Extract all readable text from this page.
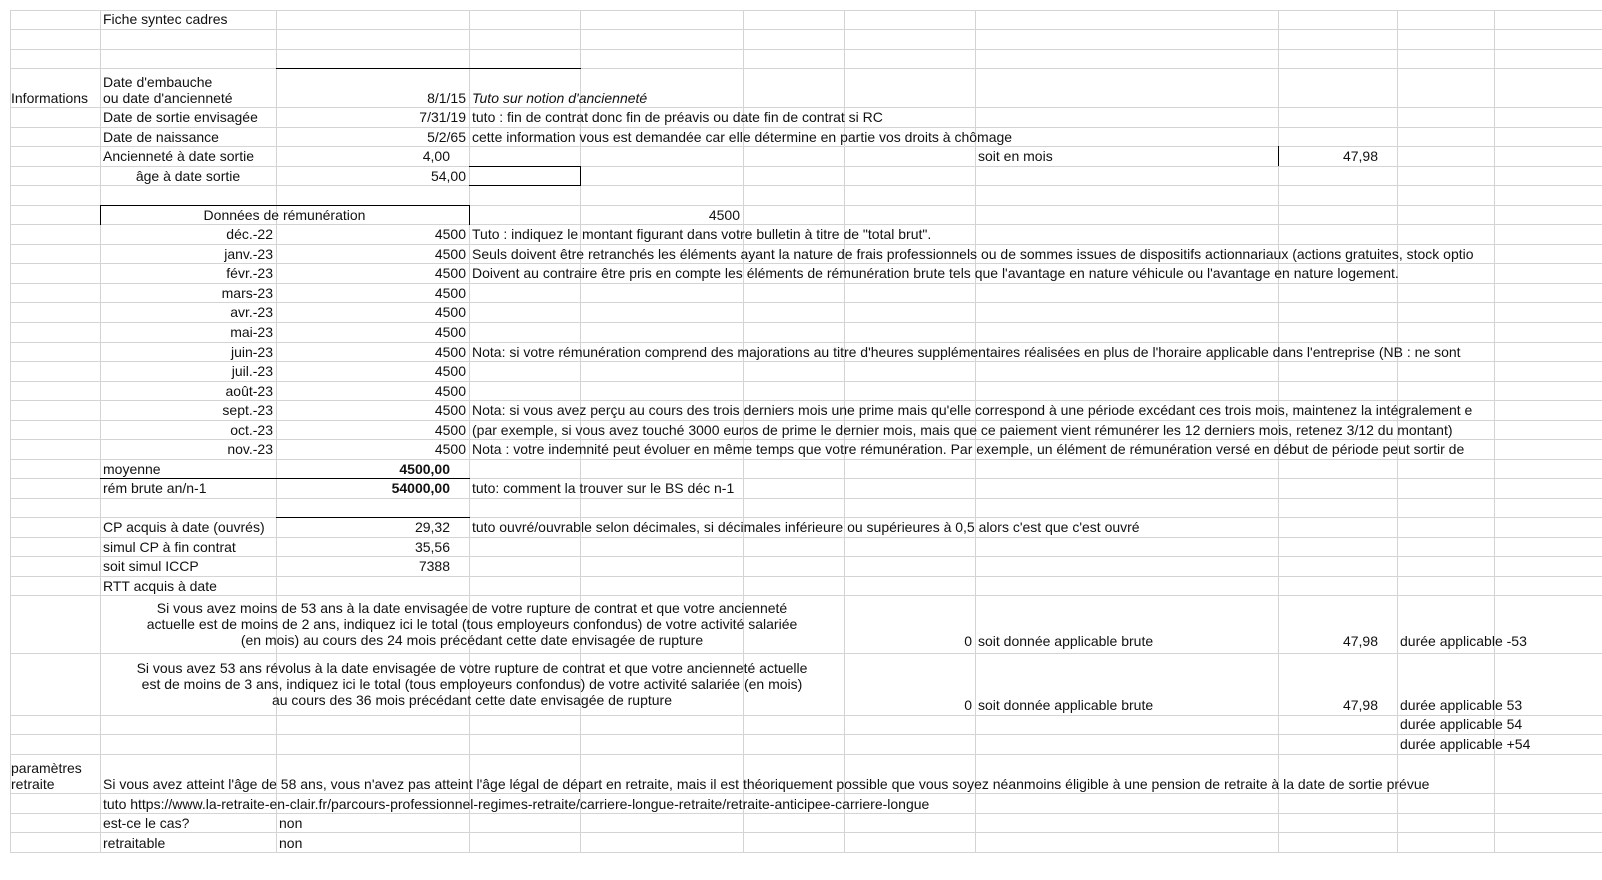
Fiche syntec cadres
Informations
Date d'embauche
ou date d'ancienneté	8/1/15 Tuto sur notion d'ancienneté
Date de sortie envisagée	7/31/19 tuto : fin de contrat donc fin de préavis ou date fin de contrat si RC
Date de naissance	5/2/65 cette information vous est demandée car elle détermine en partie vos droits à chômage
Ancienneté à date sortie	4,00	soit en mois	47,98
âge à date sortie	54,00
Données de rémunération	4500
déc.-22	4500 Tuto : indiquez le montant figurant dans votre bulletin à titre de "total brut".
janv.-23	4500 Seuls doivent être retranchés les éléments ayant la nature de frais professionnels ou de sommes issues de dispositifs actionnariaux (actions gratuites, stock optio
févr.-23	4500 Doivent au contraire être pris en compte les éléments de rémunération brute tels que l'avantage en nature véhicule ou l'avantage en nature logement.
mars-23	4500
avr.-23	4500
mai-23	4500
juin-23	4500 Nota: si votre rémunération comprend des majorations au titre d'heures supplémentaires réalisées en plus de l'horaire applicable dans l'entreprise (NB : ne sont
juil.-23	4500
août-23	4500
sept.-23	4500 Nota: si vous avez perçu au cours des trois derniers mois une prime mais qu'elle correspond à une période excédant ces trois mois, maintenez la intégralement e
oct.-23	4500 (par exemple, si vous avez touché 3000 euros de prime le dernier mois, mais que ce paiement vient rémunérer les 12 derniers mois, retenez 3/12 du montant)
nov.-23	4500 Nota : votre indemnité peut évoluer en même temps que votre rémunération. Par exemple, un élément de rémunération versé en début de période peut sortir de
moyenne	4500,00
rém brute an/n-1	54000,00 tuto: comment la trouver sur le BS déc n-1
CP acquis à date (ouvrés)	29,32 tuto ouvré/ouvrable selon décimales, si décimales inférieure ou supérieures à 0,5 alors c'est que c'est ouvré
simul CP à fin contrat	35,56
soit simul ICCP	7388
RTT acquis à date
Si vous avez moins de 53 ans à la date envisagée de votre rupture de contrat et que votre ancienneté
actuelle est de moins de 2 ans, indiquez ici le total (tous employeurs confondus) de votre activité salariée
(en mois) au cours des 24 mois précédant cette date envisagée de rupture	0 soit donnée applicable brute	47,98 durée applicable -53
Si vous avez 53 ans révolus à la date envisagée de votre rupture de contrat et que votre ancienneté actuelle
est de moins de 3 ans, indiquez ici le total (tous employeurs confondus) de votre activité salariée (en mois)
au cours des 36 mois précédant cette date envisagée de rupture	0 soit donnée applicable brute	47,98 durée applicable 53
durée applicable 54
durée applicable +54
paramètres
retraite	Si vous avez atteint l'âge de 58 ans, vous n'avez pas atteint l'âge légal de départ en retraite, mais il est théoriquement possible que vous soyez néanmoins éligible à une pension de retraite à la date de sortie prévue
tuto https://www.la-retraite-en-clair.fr/parcours-professionnel-regimes-retraite/carriere-longue-retraite/retraite-anticipee-carriere-longue
est-ce le cas?	non
retraitable	non
